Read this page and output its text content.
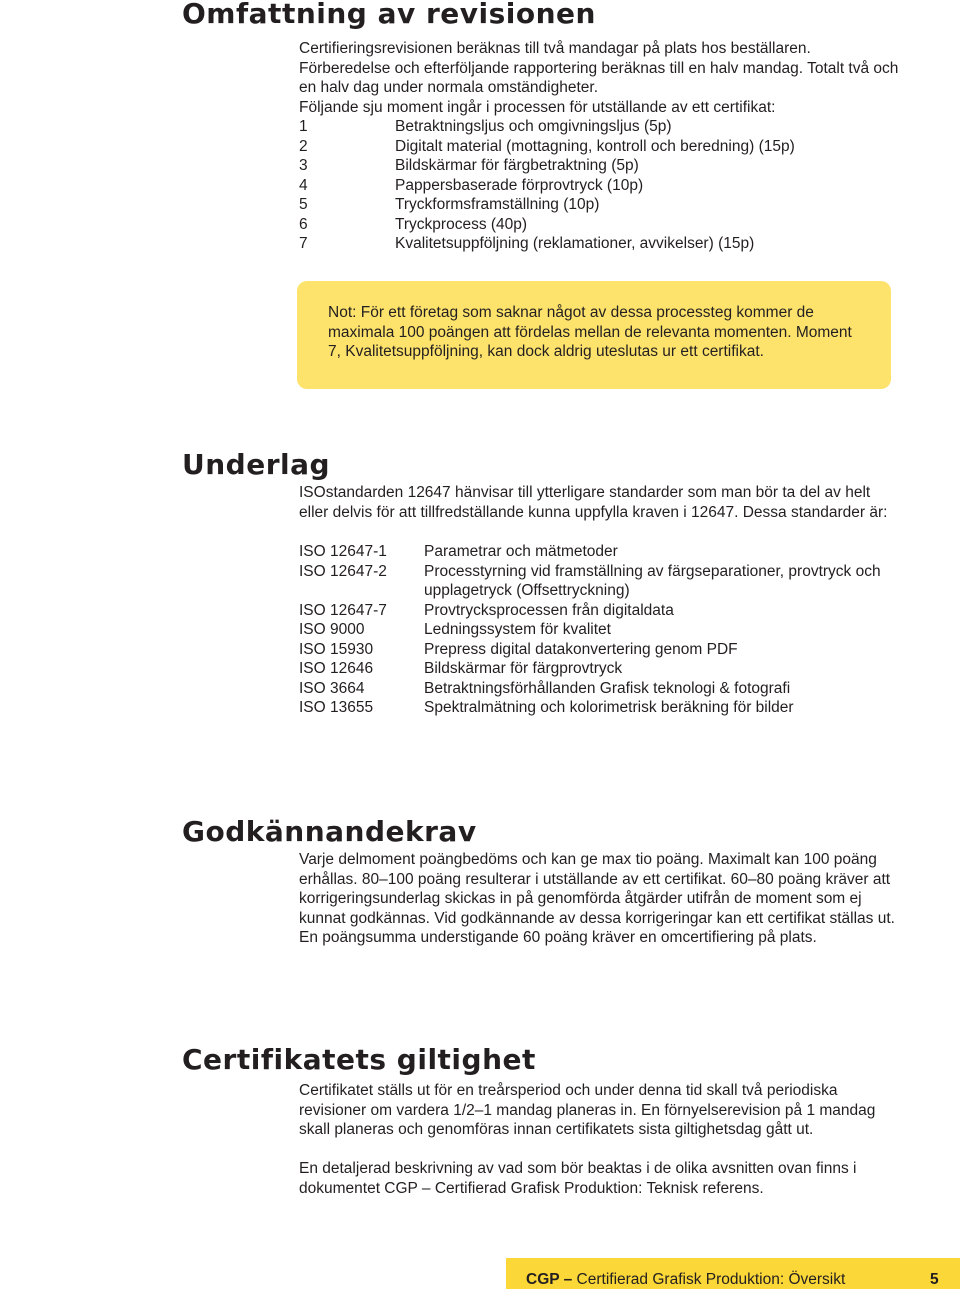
Omfattning av revisionen

Certifieringsrevisionen beräknas till två mandagar på plats hos beställaren. Förberedelse och efterföljande rapportering beräknas till en halv mandag. Totalt två och en halv dag under normala omständigheter.

Följande sju moment ingår i processen för utställande av ett certifikat:

1	Betraktningsljus och omgivningsljus (5p)
2	Digitalt material (mottagning, kontroll och beredning) (15p)
3	Bildskärmar för färgbetraktning (5p)
4	Pappersbaserade förprovtryck (10p)
5	Tryckformsframställning (10p)
6	Tryckprocess (40p)
7	Kvalitetsuppföljning (reklamationer, avvikelser) (15p)
Not: För ett företag som saknar något av dessa processteg kommer de maximala 100 poängen att fördelas mellan de relevanta momenten. Moment 7, Kvalitetsuppföljning, kan dock aldrig uteslutas ur ett certifikat.
Underlag

ISOstandarden 12647 hänvisar till ytterligare standarder som man bör ta del av helt eller delvis för att tillfredställande kunna uppfylla kraven i 12647. Dessa standarder är:

ISO 12647-1	Parametrar och mätmetoder
ISO 12647-2	Processtyrning vid framställning av färgseparationer, provtryck och upplagetryck (Offsettryckning)
ISO 12647-7	Provtrycksprocessen från digitaldata
ISO 9000	Ledningssystem för kvalitet
ISO 15930	Prepress digital datakonvertering genom PDF
ISO 12646	Bildskärmar för färgprovtryck
ISO 3664	Betraktningsförhållanden Grafisk teknologi & fotografi
ISO 13655	Spektralmätning och kolorimetrisk beräkning för bilder
Godkännandekrav

Varje delmoment poängbedöms och kan ge max tio poäng. Maximalt kan 100 poäng erhållas. 80–100 poäng resulterar i utställande av ett certifikat. 60–80 poäng kräver att korrigeringsunderlag skickas in på genomförda åtgärder utifrån de moment som ej kunnat godkännas. Vid godkännande av dessa korrigeringar kan ett certifikat ställas ut. En poängsumma understigande 60 poäng kräver en omcertifiering på plats.

Certifikatets giltighet

Certifikatet ställs ut för en treårsperiod och under denna tid skall två periodiska revisioner om vardera 1/2–1 mandag planeras in. En förnyelserevision på 1 mandag skall planeras och genomföras innan certifikatets sista giltighetsdag gått ut.

En detaljerad beskrivning av vad som bör beaktas i de olika avsnitten ovan finns i dokumentet CGP – Certifierad Grafisk Produktion: Teknisk referens.

CGP – Certifierad Grafisk Produktion: Översikt	5
